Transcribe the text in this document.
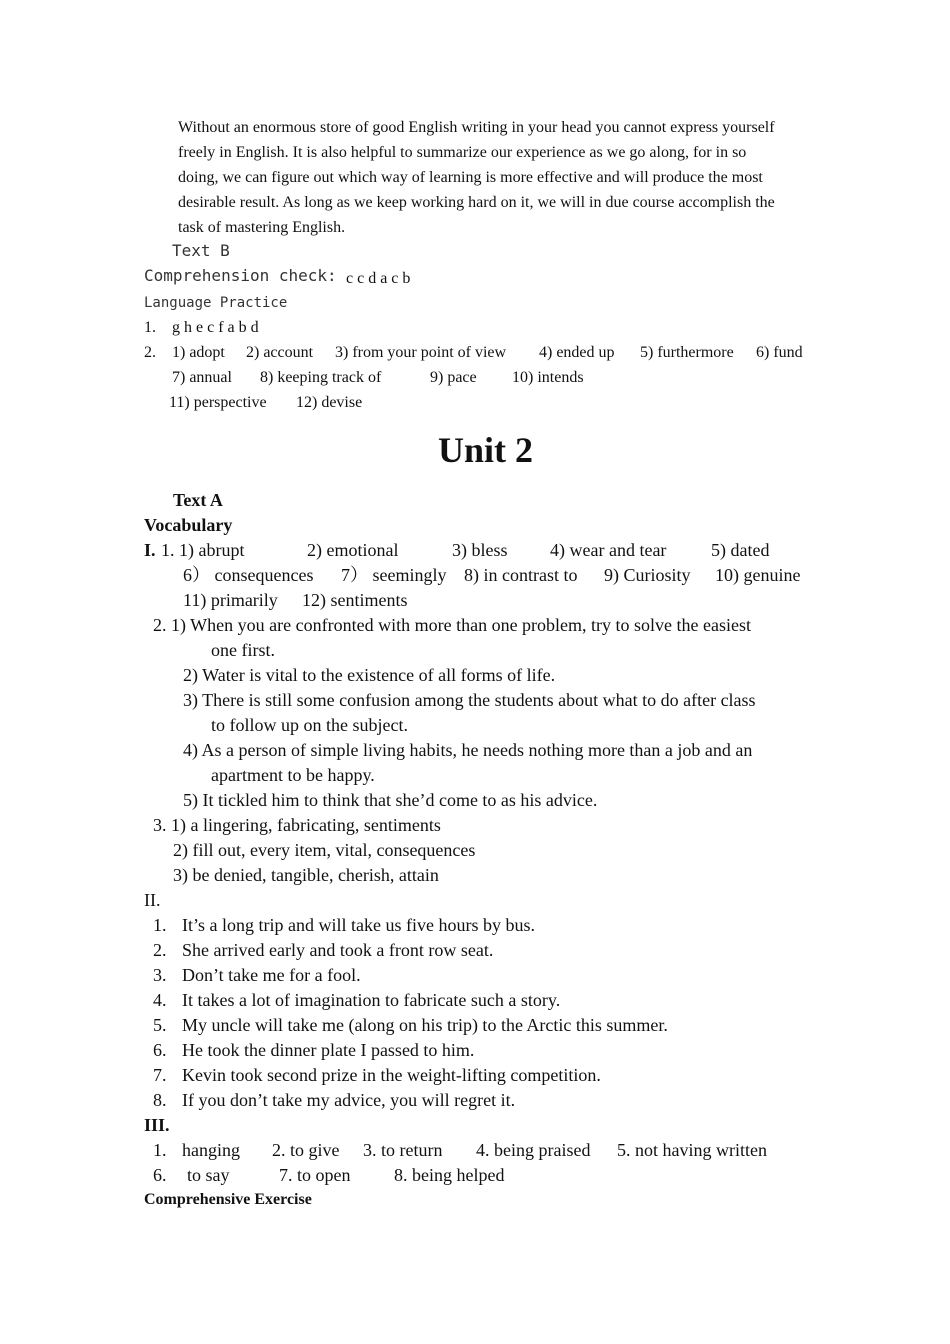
Without an enormous store of good English writing in your head you cannot express yourself
freely in English. It is also helpful to summarize our experience as we go along, for in so
doing, we can figure out which way of learning is more effective and will produce the most
desirable result. As long as we keep working hard on it, we will in due course accomplish the
task of mastering English.
Text B
Comprehension check: c c d a c b
Language Practice
1. g h e c f a b d
2. 1) adopt 2) account 3) from your point of view 4) ended up 5) furthermore 6) fund
7) annual 8) keeping track of	9) pace 10) intends
11) perspective 12) devise
Unit 2
Text A
Vocabulary
I. 1. 1) abrupt	2) emotional	3) bless 4) wear and tear 5) dated
6） consequences 7） seemingly 8) in contrast to 9) Curiosity 10) genuine
11) primarily 12) sentiments
2. 1) When you are confronted with more than one problem, try to solve the easiest
one first.
2) Water is vital to the existence of all forms of life.
3) There is still some confusion among the students about what to do after class
to follow up on the subject.
4) As a person of simple living habits, he needs nothing more than a job and an
apartment to be happy.
5) It tickled him to think that she’d come to as his advice.
3. 1) a lingering, fabricating, sentiments
2) fill out, every item, vital, consequences
3) be denied, tangible, cherish, attain
II.
1. It’s a long trip and will take us five hours by bus.
2. She arrived early and took a front row seat.
3. Don’t take me for a fool.
4. It takes a lot of imagination to fabricate such a story.
5. My uncle will take me (along on his trip) to the Arctic this summer.
6. He took the dinner plate I passed to him.
7. Kevin took second prize in the weight-lifting competition.
8. If you don’t take my advice, you will regret it.
III.
1. hanging 2. to give 3. to return 4. being praised 5. not having written
6. to say	7. to open 8. being helped
Comprehensive Exercise
